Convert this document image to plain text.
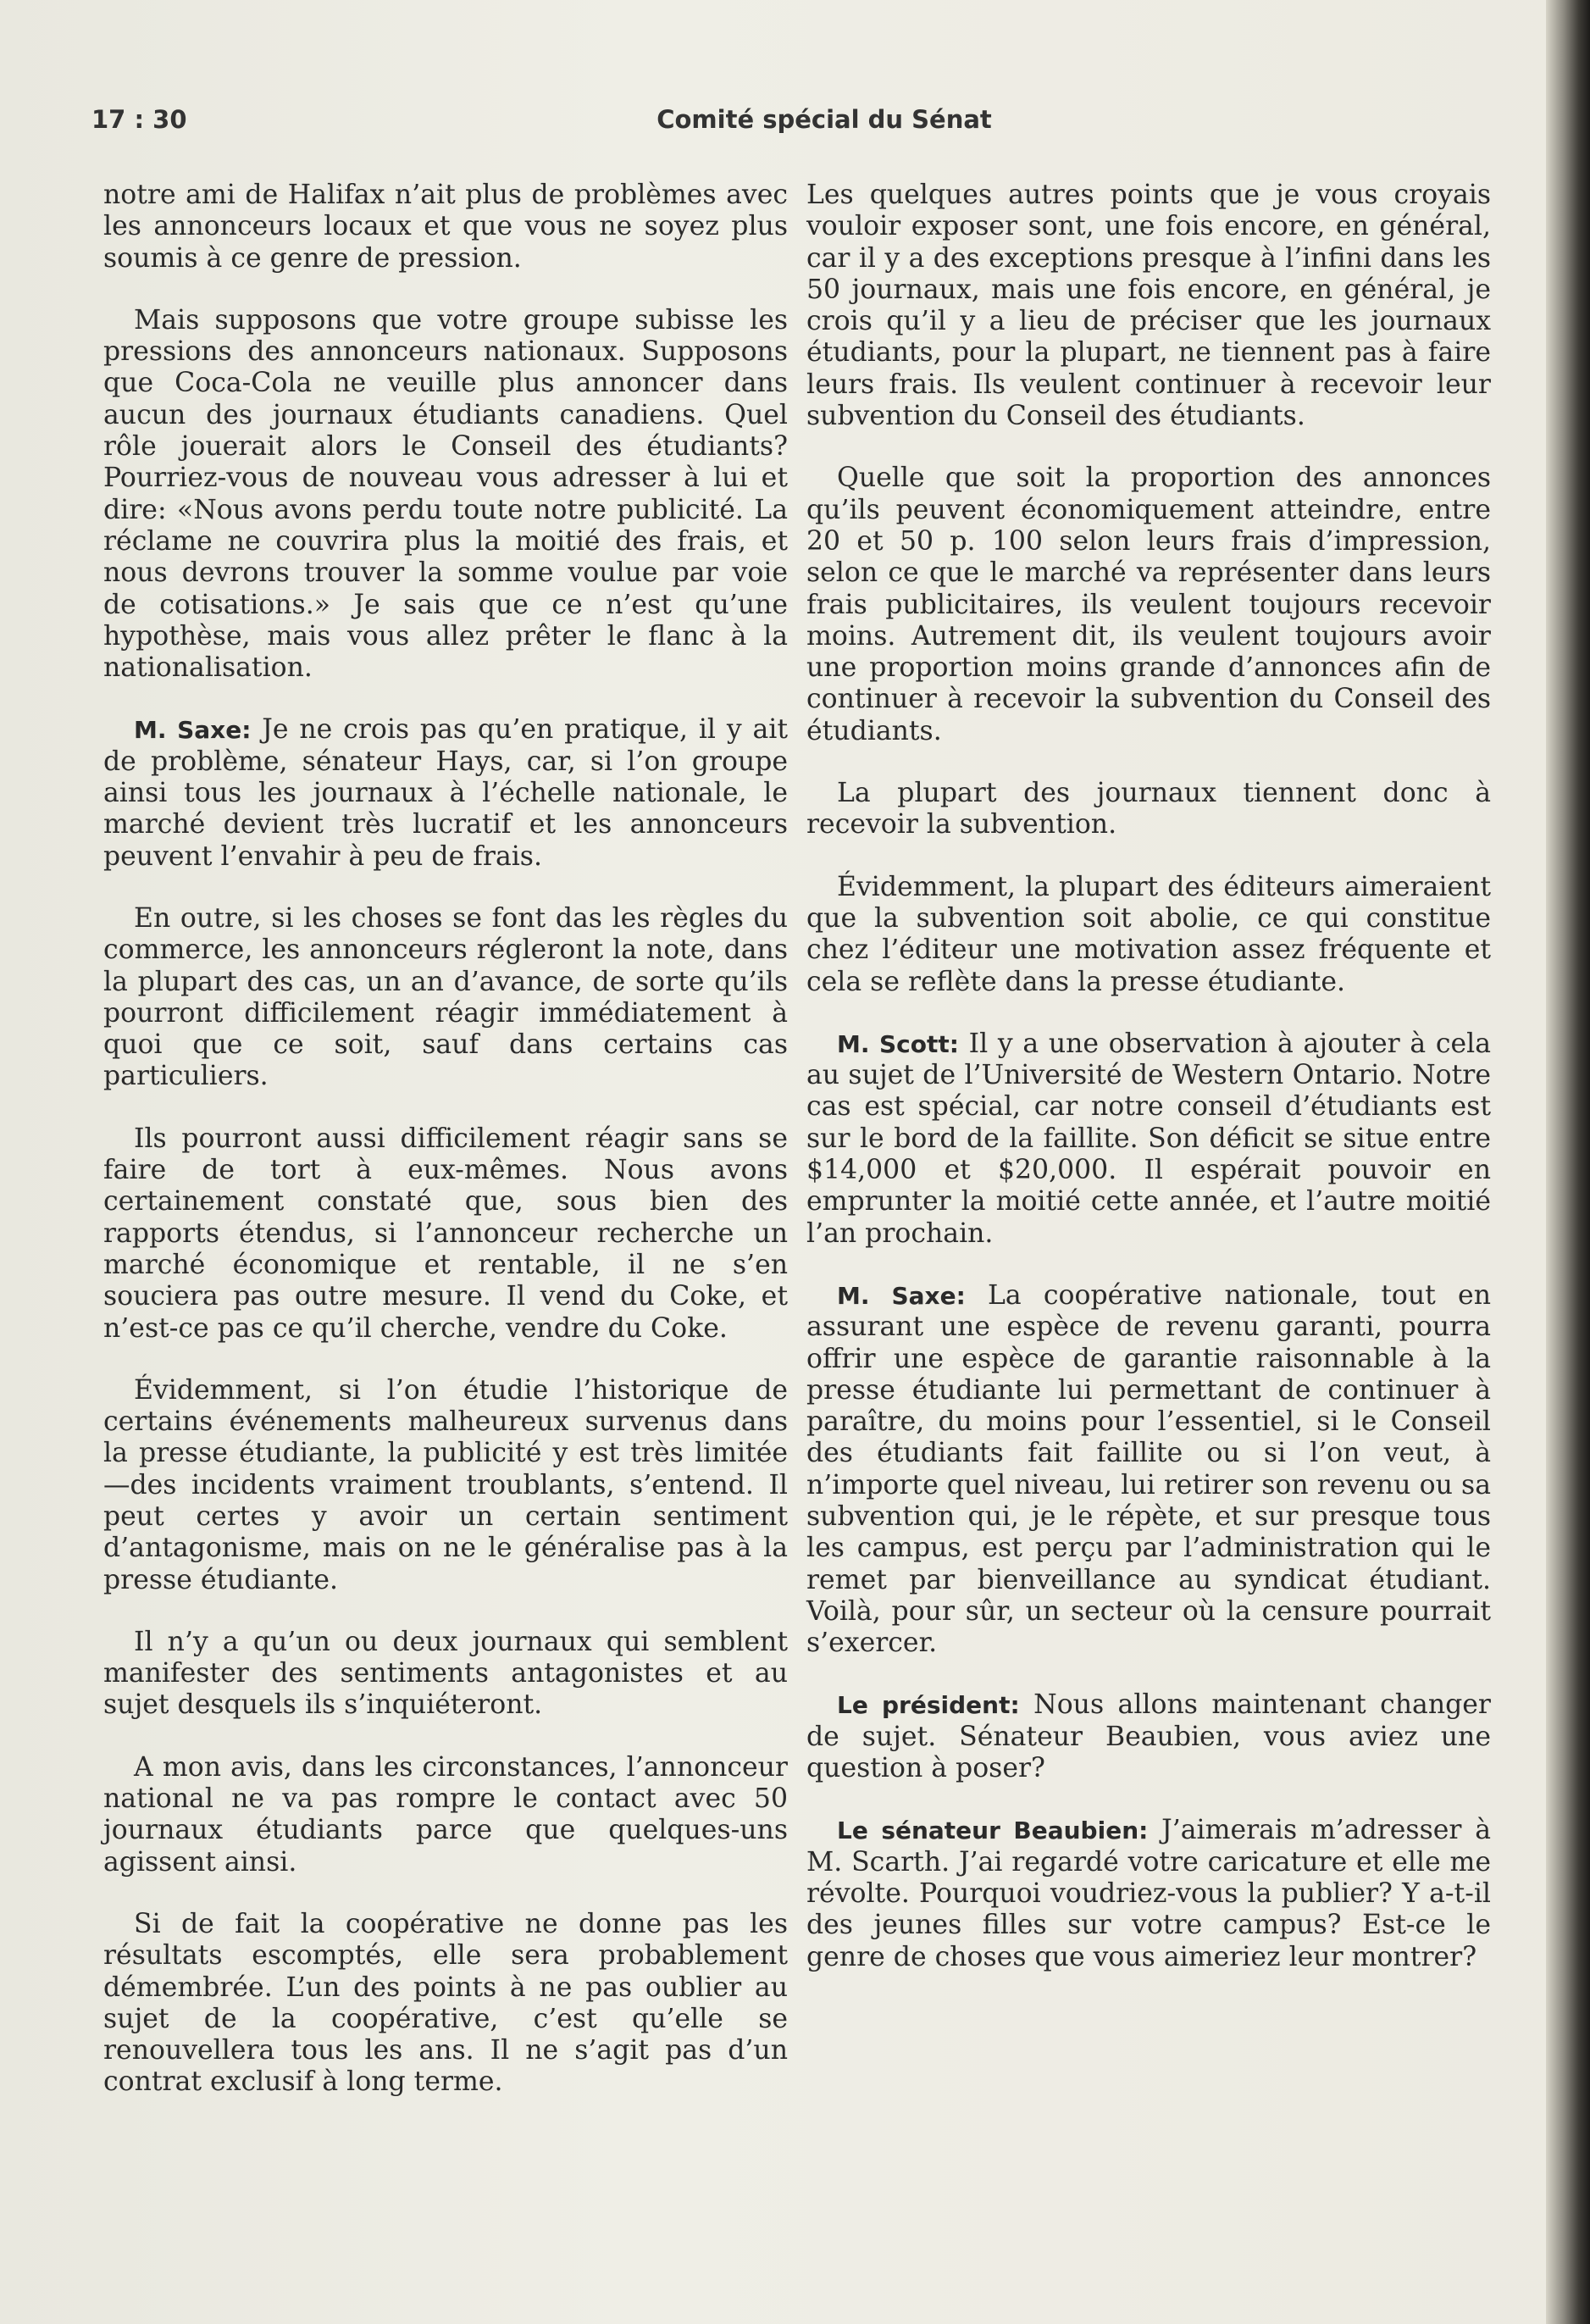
17 : 30	Comité spécial du Sénat

notre ami de Halifax n’ait plus de problèmes avec les annonceurs locaux et que vous ne soyez plus soumis à ce genre de pression.

Mais supposons que votre groupe subisse les pressions des annonceurs nationaux. Supposons que Coca-Cola ne veuille plus annoncer dans aucun des journaux étudiants canadiens. Quel rôle jouerait alors le Conseil des étudiants? Pourriez-vous de nouveau vous adresser à lui et dire: «Nous avons perdu toute notre publicité. La réclame ne couvrira plus la moitié des frais, et nous devrons trouver la somme voulue par voie de cotisations.» Je sais que ce n’est qu’une hypothèse, mais vous allez prêter le flanc à la nationalisation.

M. Saxe: Je ne crois pas qu’en pratique, il y ait de problème, sénateur Hays, car, si l’on groupe ainsi tous les journaux à l’échelle nationale, le marché devient très lucratif et les annonceurs peuvent l’envahir à peu de frais.

En outre, si les choses se font das les règles du commerce, les annonceurs régleront la note, dans la plupart des cas, un an d’avance, de sorte qu’ils pourront difficilement réagir immédiatement à quoi que ce soit, sauf dans certains cas particuliers.

Ils pourront aussi difficilement réagir sans se faire de tort à eux-mêmes. Nous avons certainement constaté que, sous bien des rapports étendus, si l’annonceur recherche un marché économique et rentable, il ne s’en souciera pas outre mesure. Il vend du Coke, et n’est-ce pas ce qu’il cherche, vendre du Coke.

Évidemment, si l’on étudie l’historique de certains événements malheureux survenus dans la presse étudiante, la publicité y est très limitée—des incidents vraiment troublants, s’entend. Il peut certes y avoir un certain sentiment d’antagonisme, mais on ne le généralise pas à la presse étudiante.

Il n’y a qu’un ou deux journaux qui semblent manifester des sentiments antagonistes et au sujet desquels ils s’inquiéteront.

A mon avis, dans les circonstances, l’annonceur national ne va pas rompre le contact avec 50 journaux étudiants parce que quelques-uns agissent ainsi.

Si de fait la coopérative ne donne pas les résultats escomptés, elle sera probablement démembrée. L’un des points à ne pas oublier au sujet de la coopérative, c’est qu’elle se renouvellera tous les ans. Il ne s’agit pas d’un contrat exclusif à long terme.

Les quelques autres points que je vous croyais vouloir exposer sont, une fois encore, en général, car il y a des exceptions presque à l’infini dans les 50 journaux, mais une fois encore, en général, je crois qu’il y a lieu de préciser que les journaux étudiants, pour la plupart, ne tiennent pas à faire leurs frais. Ils veulent continuer à recevoir leur subvention du Conseil des étudiants.

Quelle que soit la proportion des annonces qu’ils peuvent économiquement atteindre, entre 20 et 50 p. 100 selon leurs frais d’impression, selon ce que le marché va représenter dans leurs frais publicitaires, ils veulent toujours recevoir moins. Autrement dit, ils veulent toujours avoir une proportion moins grande d’annonces afin de continuer à recevoir la subvention du Conseil des étudiants.

La plupart des journaux tiennent donc à recevoir la subvention.

Évidemment, la plupart des éditeurs aimeraient que la subvention soit abolie, ce qui constitue chez l’éditeur une motivation assez fréquente et cela se reflète dans la presse étudiante.

M. Scott: Il y a une observation à ajouter à cela au sujet de l’Université de Western Ontario. Notre cas est spécial, car notre conseil d’étudiants est sur le bord de la faillite. Son déficit se situe entre $14,000 et $20,000. Il espérait pouvoir en emprunter la moitié cette année, et l’autre moitié l’an prochain.

M. Saxe: La coopérative nationale, tout en assurant une espèce de revenu garanti, pourra offrir une espèce de garantie raisonnable à la presse étudiante lui permettant de continuer à paraître, du moins pour l’essentiel, si le Conseil des étudiants fait faillite ou si l’on veut, à n’importe quel niveau, lui retirer son revenu ou sa subvention qui, je le répète, et sur presque tous les campus, est perçu par l’administration qui le remet par bienveillance au syndicat étudiant. Voilà, pour sûr, un secteur où la censure pourrait s’exercer.

Le président: Nous allons maintenant changer de sujet. Sénateur Beaubien, vous aviez une question à poser?

Le sénateur Beaubien: J’aimerais m’adresser à M. Scarth. J’ai regardé votre caricature et elle me révolte. Pourquoi voudriez-vous la publier? Y a-t-il des jeunes filles sur votre campus? Est-ce le genre de choses que vous aimeriez leur montrer?
